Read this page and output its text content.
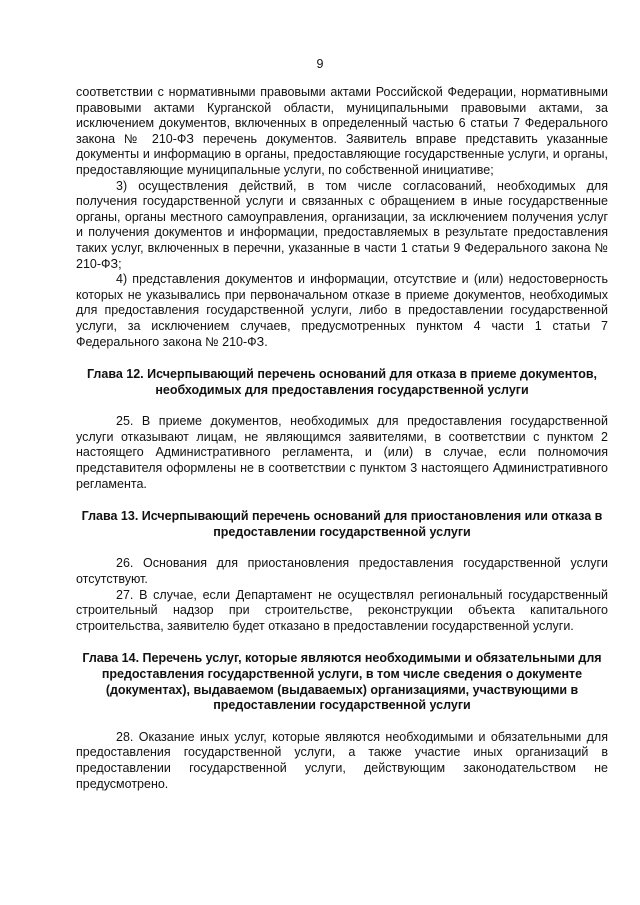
9

соответствии с нормативными правовыми актами Российской Федерации, нормативными правовыми актами Курганской области, муниципальными правовыми актами, за исключением документов, включенных в определенный частью 6 статьи 7 Федерального закона № 210-ФЗ перечень документов. Заявитель вправе представить указанные документы и информацию в органы, предоставляющие государственные услуги, и органы, предоставляющие муниципальные услуги, по собственной инициативе;

3) осуществления действий, в том числе согласований, необходимых для получения государственной услуги и связанных с обращением в иные государственные органы, органы местного самоуправления, организации, за исключением получения услуг и получения документов и информации, предоставляемых в результате предоставления таких услуг, включенных в перечни, указанные в части 1 статьи 9 Федерального закона № 210-ФЗ;

4) представления документов и информации, отсутствие и (или) недостоверность которых не указывались при первоначальном отказе в приеме документов, необходимых для предоставления государственной услуги, либо в предоставлении государственной услуги, за исключением случаев, предусмотренных пунктом 4 части 1 статьи 7 Федерального закона № 210-ФЗ.

Глава 12. Исчерпывающий перечень оснований для отказа в приеме документов, необходимых для предоставления государственной услуги

25. В приеме документов, необходимых для предоставления государственной услуги отказывают лицам, не являющимся заявителями, в соответствии с пунктом 2 настоящего Административного регламента, и (или) в случае, если полномочия представителя оформлены не в соответствии с пунктом 3 настоящего Административного регламента.

Глава 13. Исчерпывающий перечень оснований для приостановления или отказа в предоставлении государственной услуги

26. Основания для приостановления предоставления государственной услуги отсутствуют.

27. В случае, если Департамент не осуществлял региональный государственный строительный надзор при строительстве, реконструкции объекта капитального строительства, заявителю будет отказано в предоставлении государственной услуги.

Глава 14. Перечень услуг, которые являются необходимыми и обязательными для предоставления государственной услуги, в том числе сведения о документе (документах), выдаваемом (выдаваемых) организациями, участвующими в предоставлении государственной услуги

28. Оказание иных услуг, которые являются необходимыми и обязательными для предоставления государственной услуги, а также участие иных организаций в предоставлении государственной услуги, действующим законодательством не предусмотрено.
